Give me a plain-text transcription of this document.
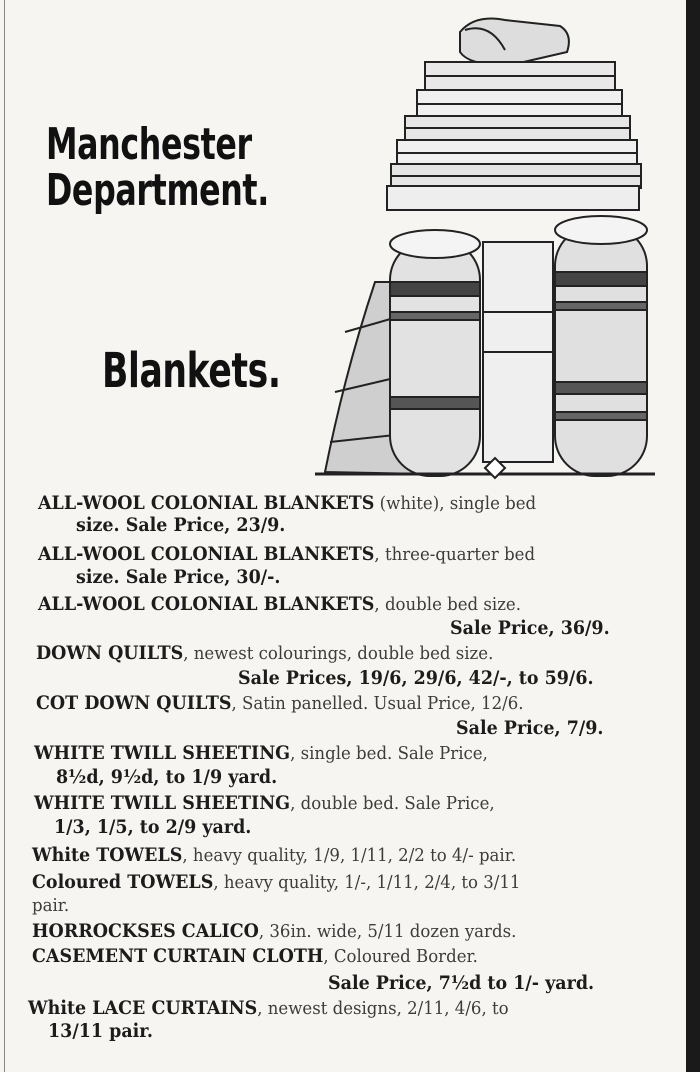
Manchester
Department.
Blankets.
ALL-WOOL COLONIAL BLANKETS (white), single bed
size. Sale Price, 23/9.
ALL-WOOL COLONIAL BLANKETS, three-quarter bed
size. Sale Price, 30/-.
ALL-WOOL COLONIAL BLANKETS, double bed size.
Sale Price, 36/9.
DOWN QUILTS, newest colourings, double bed size.
Sale Prices, 19/6, 29/6, 42/-, to 59/6.
COT DOWN QUILTS, Satin panelled. Usual Price, 12/6.
Sale Price, 7/9.
WHITE TWILL SHEETING, single bed. Sale Price,
8½d, 9½d, to 1/9 yard.
WHITE TWILL SHEETING, double bed. Sale Price,
1/3, 1/5, to 2/9 yard.
White TOWELS, heavy quality, 1/9, 1/11, 2/2 to 4/- pair.
Coloured TOWELS, heavy quality, 1/-, 1/11, 2/4, to 3/11
pair.
HORROCKSES CALICO, 36in. wide, 5/11 dozen yards.
CASEMENT CURTAIN CLOTH, Coloured Border.
Sale Price, 7½d to 1/- yard.
White LACE CURTAINS, newest designs, 2/11, 4/6, to
13/11 pair.
